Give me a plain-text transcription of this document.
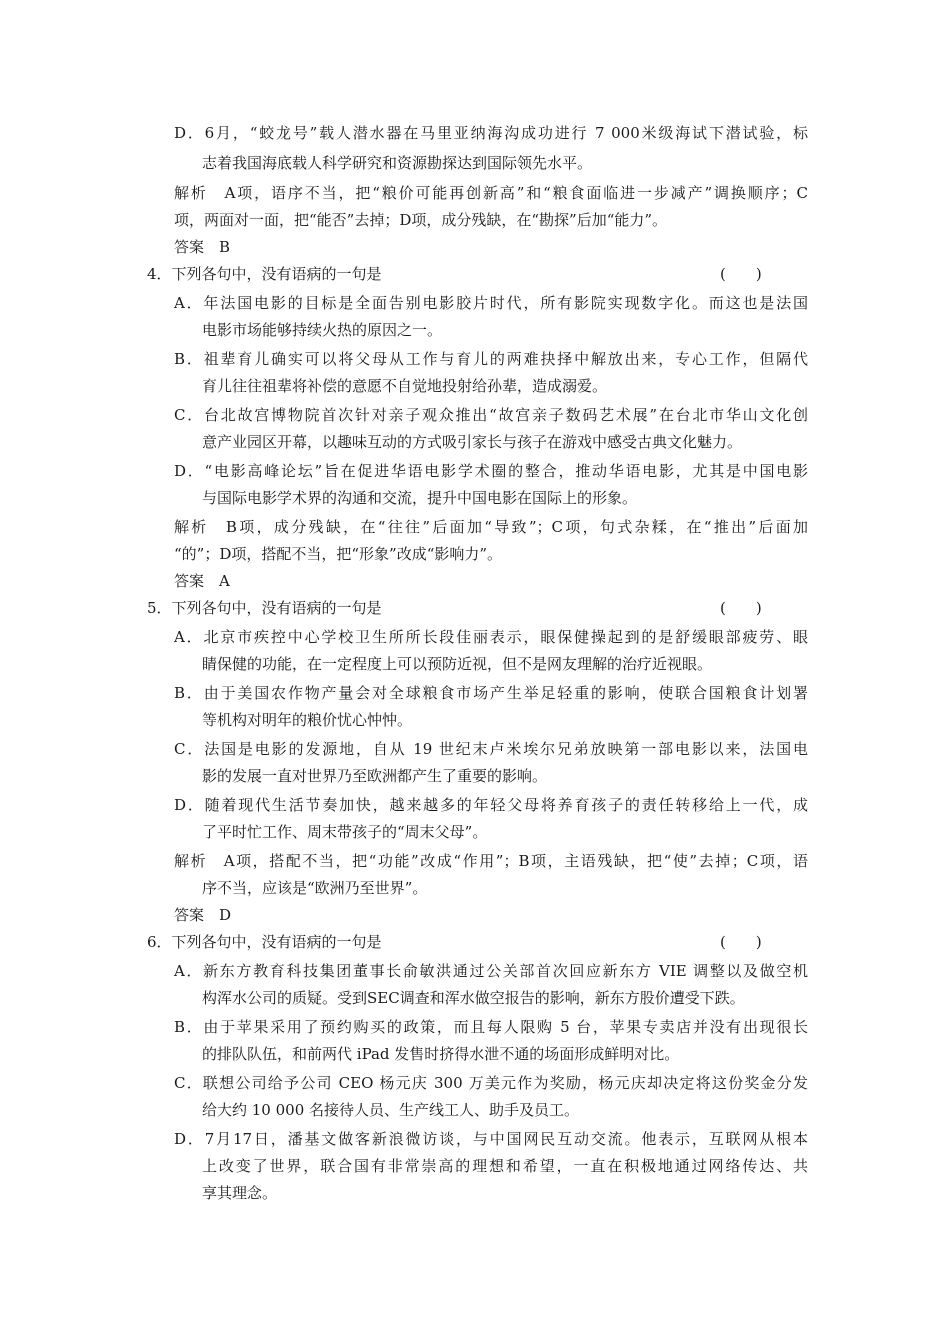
D．6月，“蛟龙号”载人潜水器在马里亚纳海沟成功进行 7 000米级海试下潜试验，标
志着我国海底载人科学研究和资源勘探达到国际领先水平。
解析　A项，语序不当，把“粮价可能再创新高”和“粮食面临进一步减产”调换顺序；C
项，两面对一面，把“能否”去掉；D项，成分残缺，在“勘探”后加“能力”。
答案　B
4．下列各句中，没有语病的一句是	(　　)
A．年法国电影的目标是全面告别电影胶片时代，所有影院实现数字化。而这也是法国
电影市场能够持续火热的原因之一。
B．祖辈育儿确实可以将父母从工作与育儿的两难抉择中解放出来，专心工作，但隔代
育儿往往祖辈将补偿的意愿不自觉地投射给孙辈，造成溺爱。
C．台北故宫博物院首次针对亲子观众推出“故宫亲子数码艺术展”在台北市华山文化创
意产业园区开幕，以趣味互动的方式吸引家长与孩子在游戏中感受古典文化魅力。
D．“电影高峰论坛”旨在促进华语电影学术圈的整合，推动华语电影，尤其是中国电影
与国际电影学术界的沟通和交流，提升中国电影在国际上的形象。
解析　B项，成分残缺，在“往往”后面加“导致”；C项，句式杂糅，在“推出”后面加
“的”；D项，搭配不当，把“形象”改成“影响力”。
答案　A
5．下列各句中，没有语病的一句是	(　　)
A．北京市疾控中心学校卫生所所长段佳丽表示，眼保健操起到的是舒缓眼部疲劳、眼
睛保健的功能，在一定程度上可以预防近视，但不是网友理解的治疗近视眼。
B．由于美国农作物产量会对全球粮食市场产生举足轻重的影响，使联合国粮食计划署
等机构对明年的粮价忧心忡忡。
C．法国是电影的发源地，自从 19 世纪末卢米埃尔兄弟放映第一部电影以来，法国电
影的发展一直对世界乃至欧洲都产生了重要的影响。
D．随着现代生活节奏加快，越来越多的年轻父母将养育孩子的责任转移给上一代，成
了平时忙工作、周末带孩子的“周末父母”。
解析　A项，搭配不当，把“功能”改成“作用”；B项，主语残缺，把“使”去掉；C项，语
序不当，应该是“欧洲乃至世界”。
答案　D
6．下列各句中，没有语病的一句是	(　　)
A．新东方教育科技集团董事长俞敏洪通过公关部首次回应新东方 VIE 调整以及做空机
构浑水公司的质疑。受到SEC调查和浑水做空报告的影响，新东方股价遭受下跌。
B．由于苹果采用了预约购买的政策，而且每人限购 5 台，苹果专卖店并没有出现很长
的排队队伍，和前两代 iPad 发售时挤得水泄不通的场面形成鲜明对比。
C．联想公司给予公司 CEO 杨元庆 300 万美元作为奖励，杨元庆却决定将这份奖金分发
给大约 10 000 名接待人员、生产线工人、助手及员工。
D．7月17日，潘基文做客新浪微访谈，与中国网民互动交流。他表示，互联网从根本
上改变了世界，联合国有非常崇高的理想和希望，一直在积极地通过网络传达、共
享其理念。
